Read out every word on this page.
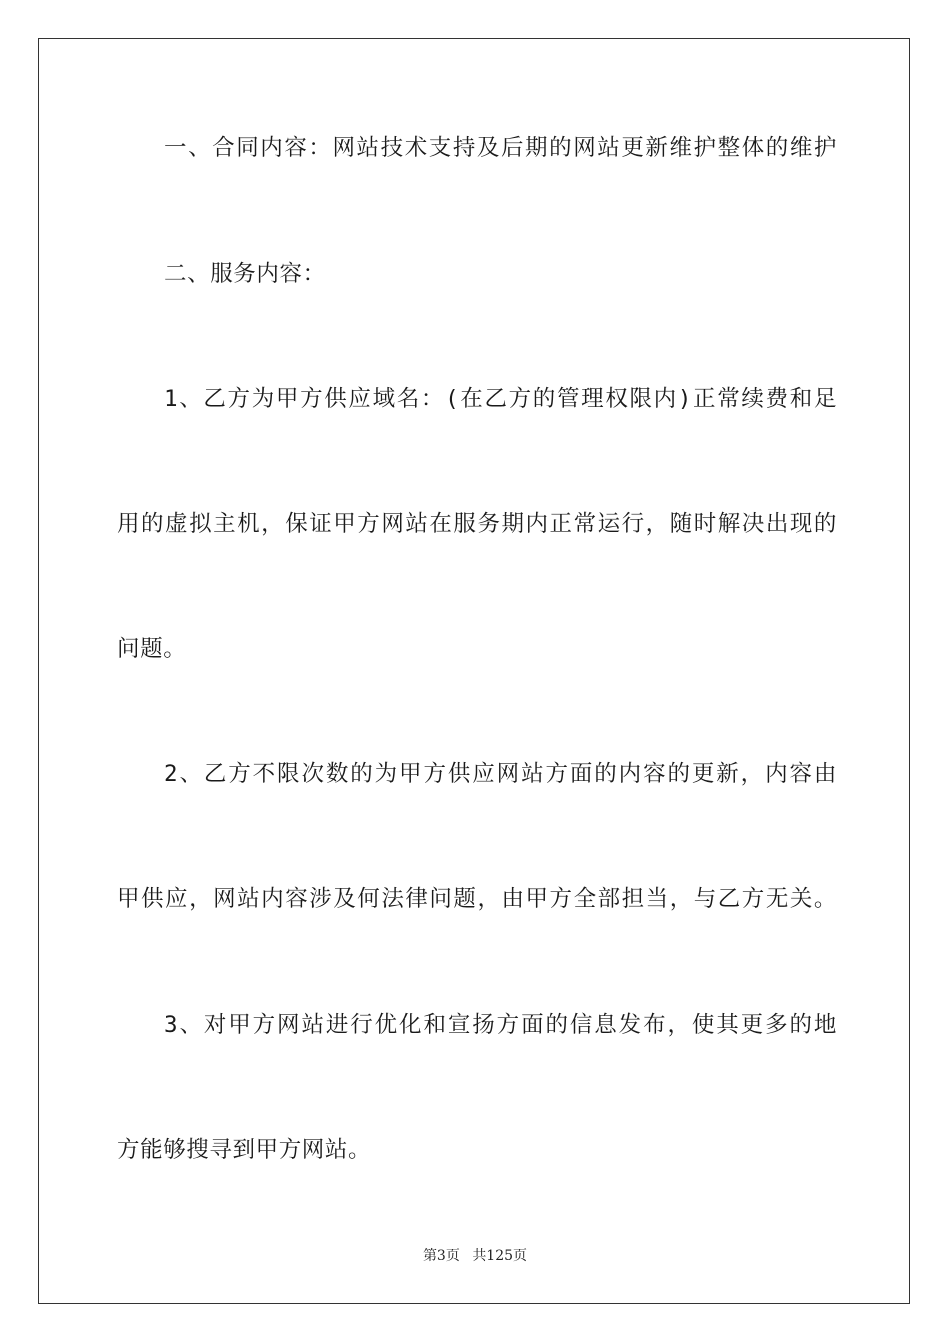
一、合同内容：网站技术支持及后期的网站更新维护整体的维护
二、服务内容：
1、乙方为甲方供应域名：(在乙方的管理权限内)正常续费和足
用的虚拟主机，保证甲方网站在服务期内正常运行，随时解决出现的
问题。
2、乙方不限次数的为甲方供应网站方面的内容的更新，内容由
甲供应，网站内容涉及何法律问题，由甲方全部担当，与乙方无关。
3、对甲方网站进行优化和宣扬方面的信息发布，使其更多的地
方能够搜寻到甲方网站。
第3页 共125页
